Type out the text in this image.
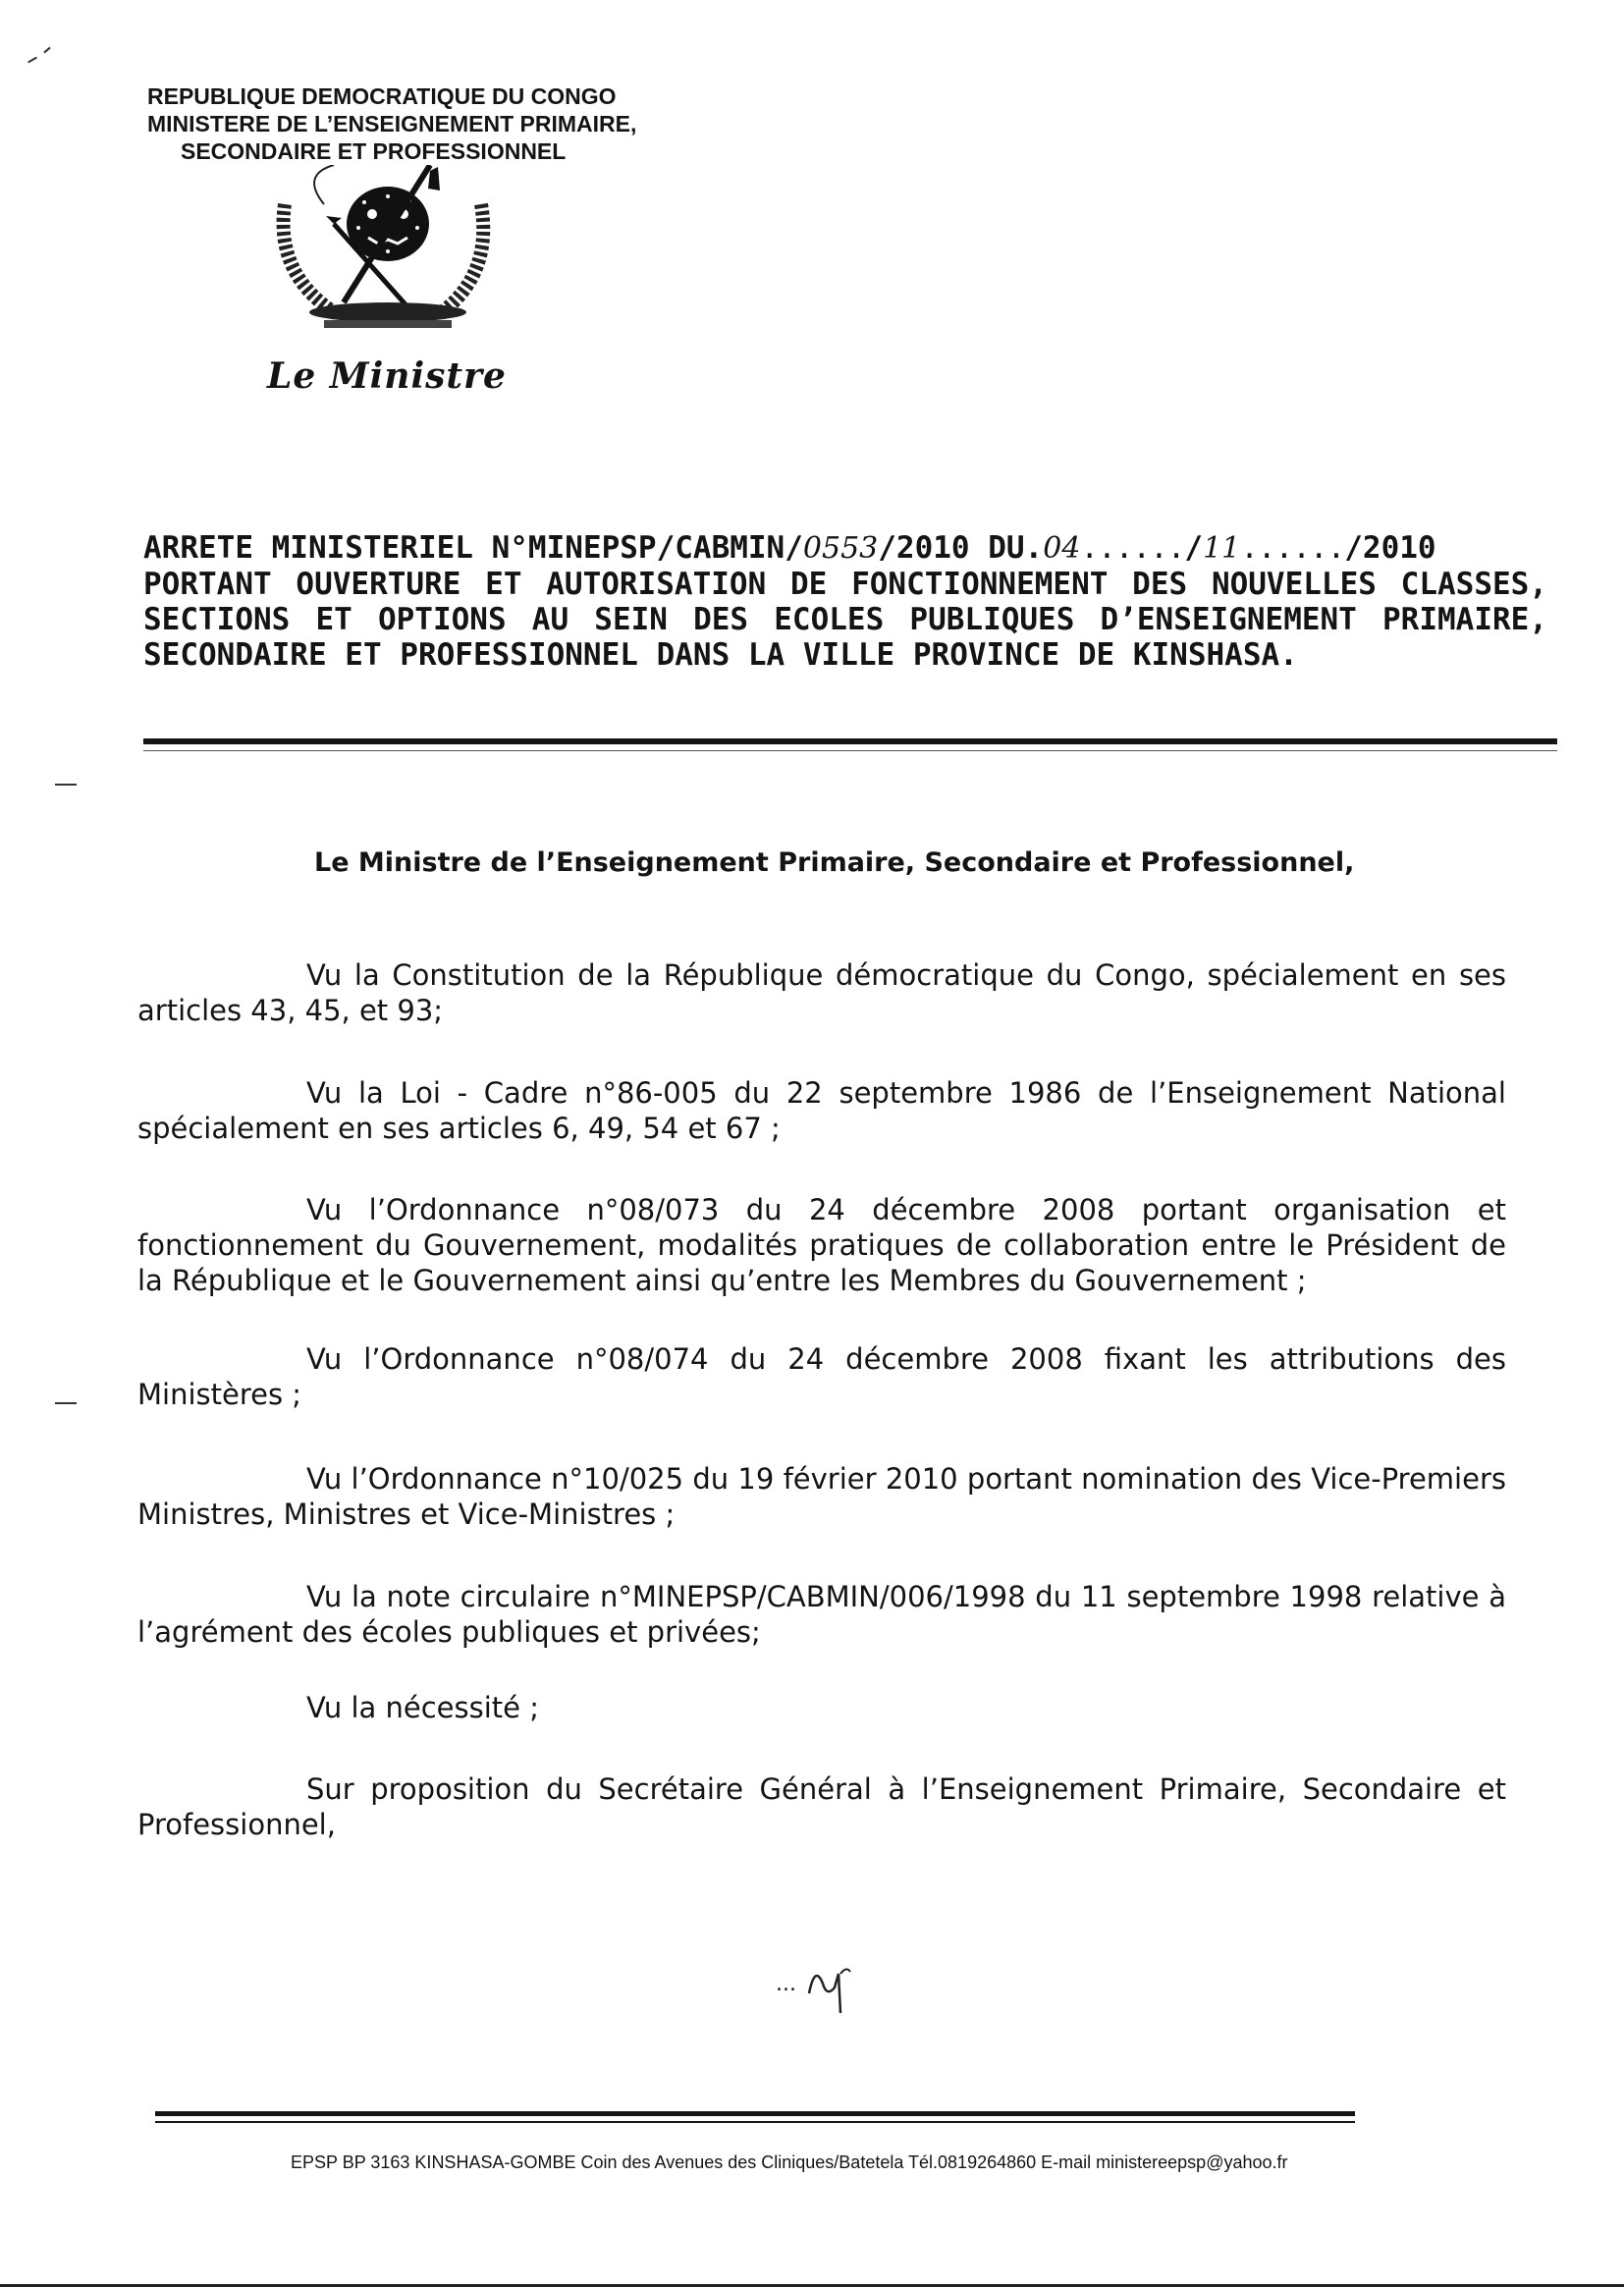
REPUBLIQUE DEMOCRATIQUE DU CONGO
MINISTERE DE L’ENSEIGNEMENT PRIMAIRE,
SECONDAIRE ET PROFESSIONNEL
Le Ministre
ARRETE MINISTERIEL N°MINEPSP/CABMIN/0553/2010 DU.04....../11....../2010
PORTANT OUVERTURE ET AUTORISATION DE FONCTIONNEMENT DES NOUVELLES CLASSES, SECTIONS ET OPTIONS AU SEIN DES ECOLES PUBLIQUES D’ENSEIGNEMENT PRIMAIRE, SECONDAIRE ET PROFESSIONNEL DANS LA VILLE PROVINCE DE KINSHASA.
Le Ministre de l’Enseignement Primaire, Secondaire et Professionnel,
Vu la Constitution de la République démocratique du Congo, spécialement en ses articles 43, 45, et 93;
Vu la Loi - Cadre n°86-005 du 22 septembre 1986 de l’Enseignement National spécialement en ses articles 6, 49, 54 et 67 ;
Vu l’Ordonnance n°08/073 du 24 décembre 2008 portant organisation et fonctionnement du Gouvernement, modalités pratiques de collaboration entre le Président de la République et le Gouvernement ainsi qu’entre les Membres du Gouvernement ;
Vu l’Ordonnance n°08/074 du 24 décembre 2008 fixant les attributions des Ministères ;
Vu l’Ordonnance n°10/025 du 19 février 2010 portant nomination des Vice-Premiers Ministres, Ministres et Vice-Ministres ;
Vu la note circulaire n°MINEPSP/CABMIN/006/1998 du 11 septembre 1998 relative à l’agrément des écoles publiques et privées;
Vu la nécessité ;
Sur proposition du Secrétaire Général à l’Enseignement Primaire, Secondaire et Professionnel,
...
EPSP BP 3163 KINSHASA-GOMBE Coin des Avenues des Cliniques/Batetela Tél.0819264860 E-mail ministereepsp@yahoo.fr
